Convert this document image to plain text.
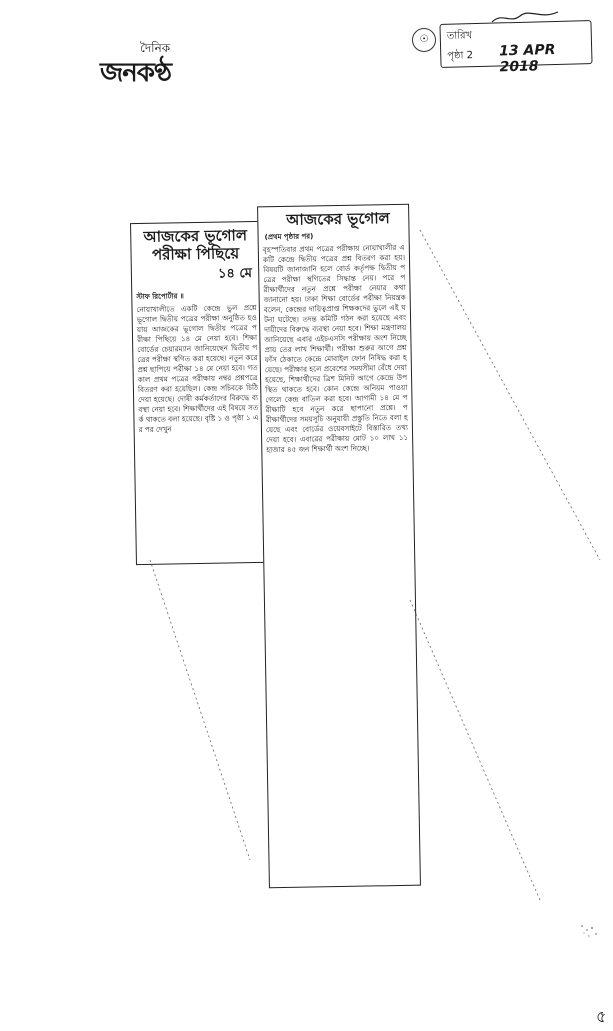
দৈনিক
জনকণ্ঠ
☉	তারিখ
পৃষ্ঠা 2 13 APR 2018
আজকের ভূগোল পরীক্ষা পিছিয়ে
১৪ মে
স্টাফ রিপোর্টার ॥
নোয়াখালীতে একটি কেন্দ্রে ভুল প্রশ্নে ভূগোল দ্বিতীয় পত্রের পরীক্ষা অনুষ্ঠিত হওয়ায় আজকের ভূগোল দ্বিতীয় পত্রের পরীক্ষা পিছিয়ে ১৪ মে নেয়া হবে। শিক্ষা বোর্ডের চেয়ারম্যান জানিয়েছেন দ্বিতীয় পত্রের পরীক্ষা স্থগিত করা হয়েছে। নতুন করে প্রশ্ন ছাপিয়ে পরীক্ষা ১৪ মে নেয়া হবে। গতকাল প্রথম পত্রের পরীক্ষায় নম্বর প্রশ্নপত্রে বিতরণ করা হয়েছিল। কেন্দ্র সচিবকে চিঠি দেয়া হয়েছে। দোষী কর্মকর্তাদের বিরুদ্ধে ব্যবস্থা নেয়া হবে। শিক্ষার্থীদের এই বিষয়ে সতর্ক থাকতে বলা হয়েছে। বৃষ্টি ১ ও পৃষ্ঠা ১ এর পর দেখুন
আজকের ভূগোল
(প্রথম পৃষ্ঠার পর)
বৃহস্পতিবার প্রথম পত্রের পরীক্ষায় নোয়াখালীর একটি কেন্দ্রে দ্বিতীয় পত্রের প্রশ্ন বিতরণ করা হয়। বিষয়টি জানাজানি হলে বোর্ড কর্তৃপক্ষ দ্বিতীয় পত্রের পরীক্ষা স্থগিতের সিদ্ধান্ত নেয়। পরে পরীক্ষার্থীদের নতুন প্রশ্নে পরীক্ষা নেয়ার কথা জানানো হয়। ঢাকা শিক্ষা বোর্ডের পরীক্ষা নিয়ন্ত্রক বলেন, কেন্দ্রের দায়িত্বপ্রাপ্ত শিক্ষকদের ভুলে এই ঘটনা ঘটেছে। তদন্ত কমিটি গঠন করা হয়েছে এবং দায়ীদের বিরুদ্ধে ব্যবস্থা নেয়া হবে। শিক্ষা মন্ত্রণালয় জানিয়েছে এবার এইচএসসি পরীক্ষায় অংশ নিচ্ছে প্রায় তের লাখ শিক্ষার্থী। পরীক্ষা শুরুর আগে প্রশ্ন ফাঁস ঠেকাতে কেন্দ্রে মোবাইল ফোন নিষিদ্ধ করা হয়েছে। পরীক্ষার হলে প্রবেশের সময়সীমা বেঁধে দেয়া হয়েছে, শিক্ষার্থীদের ত্রিশ মিনিট আগে কেন্দ্রে উপস্থিত থাকতে হবে। কোন কেন্দ্রে অনিয়ম পাওয়া গেলে কেন্দ্র বাতিল করা হবে। আগামী ১৪ মে পরীক্ষাটি হবে নতুন করে ছাপানো প্রশ্নে। পরীক্ষার্থীদের সময়সূচি অনুযায়ী প্রস্তুতি নিতে বলা হয়েছে এবং বোর্ডের ওয়েবসাইটে বিস্তারিত তথ্য দেয়া হবে। এবারের পরীক্ষায় মোট ১০ লাখ ১১ হাজার ৪৫ জন শিক্ষার্থী অংশ নিচ্ছে।
৫
